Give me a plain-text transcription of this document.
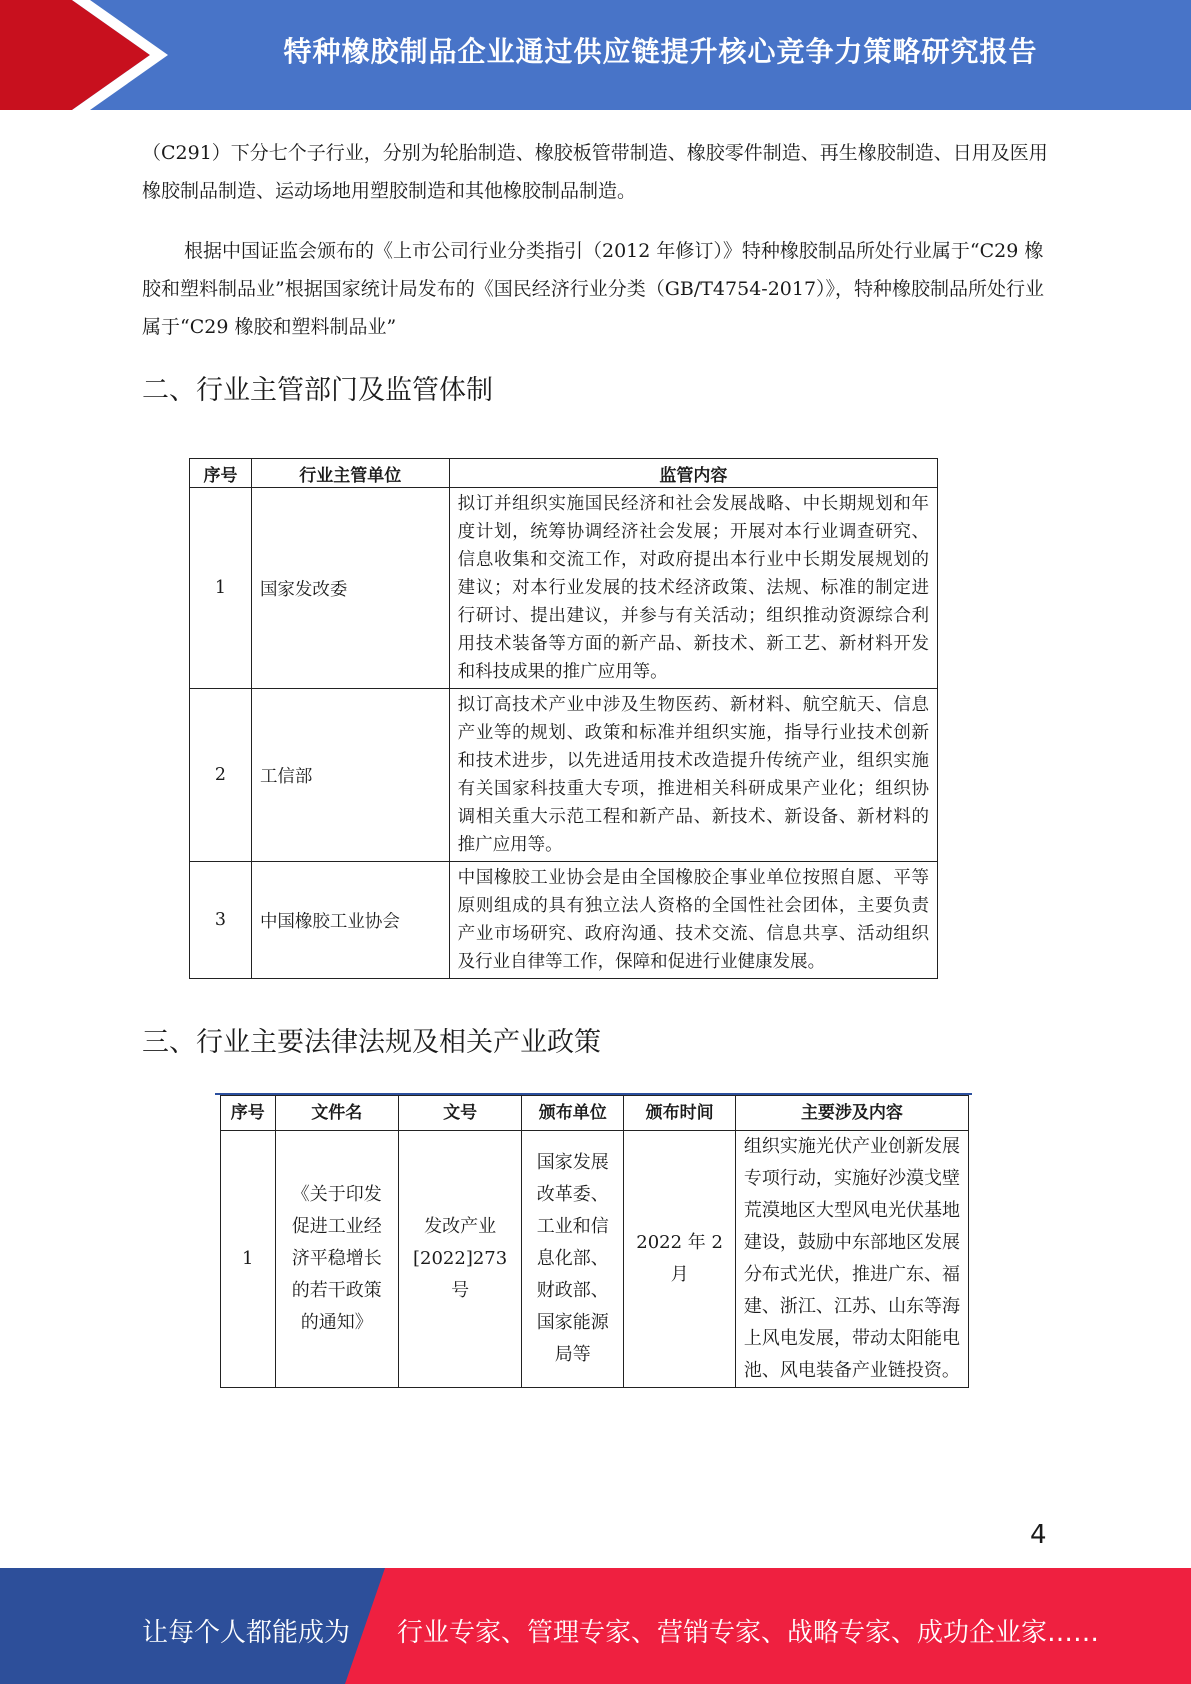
特种橡胶制品企业通过供应链提升核心竞争力策略研究报告

（C291）下分七个子行业，分别为轮胎制造、橡胶板管带制造、橡胶零件制造、再生橡胶制造、日用及医用橡胶制品制造、运动场地用塑胶制造和其他橡胶制品制造。

根据中国证监会颁布的《上市公司行业分类指引（2012 年修订）》特种橡胶制品所处行业属于“C29 橡胶和塑料制品业”根据国家统计局发布的《国民经济行业分类（GB/T4754-2017）》，特种橡胶制品所处行业属于“C29 橡胶和塑料制品业”

二、行业主管部门及监管体制
序号	行业主管单位	监管内容
1	国家发改委	拟订并组织实施国民经济和社会发展战略、中长期规划和年度计划，统筹协调经济社会发展；开展对本行业调查研究、信息收集和交流工作，对政府提出本行业中长期发展规划的建议；对本行业发展的技术经济政策、法规、标准的制定进行研讨、提出建议，并参与有关活动；组织推动资源综合利用技术装备等方面的新产品、新技术、新工艺、新材料开发和科技成果的推广应用等。
2	工信部	拟订高技术产业中涉及生物医药、新材料、航空航天、信息产业等的规划、政策和标准并组织实施，指导行业技术创新和技术进步，以先进适用技术改造提升传统产业，组织实施有关国家科技重大专项，推进相关科研成果产业化；组织协调相关重大示范工程和新产品、新技术、新设备、新材料的推广应用等。
3	中国橡胶工业协会	中国橡胶工业协会是由全国橡胶企事业单位按照自愿、平等原则组成的具有独立法人资格的全国性社会团体，主要负责产业市场研究、政府沟通、技术交流、信息共享、活动组织及行业自律等工作，保障和促进行业健康发展。
三、行业主要法律法规及相关产业政策
序号	文件名	文号	颁布单位	颁布时间	主要涉及内容
1	《关于印发促进工业经济平稳增长的若干政策的通知》	发改产业[2022]273号	国家发展改革委、工业和信息化部、财政部、国家能源局等	2022 年 2 月	组织实施光伏产业创新发展专项行动，实施好沙漠戈壁荒漠地区大型风电光伏基地建设，鼓励中东部地区发展分布式光伏，推进广东、福建、浙江、江苏、山东等海上风电发展，带动太阳能电池、风电装备产业链投资。
4
让每个人都能成为 行业专家、管理专家、营销专家、战略专家、成功企业家……
